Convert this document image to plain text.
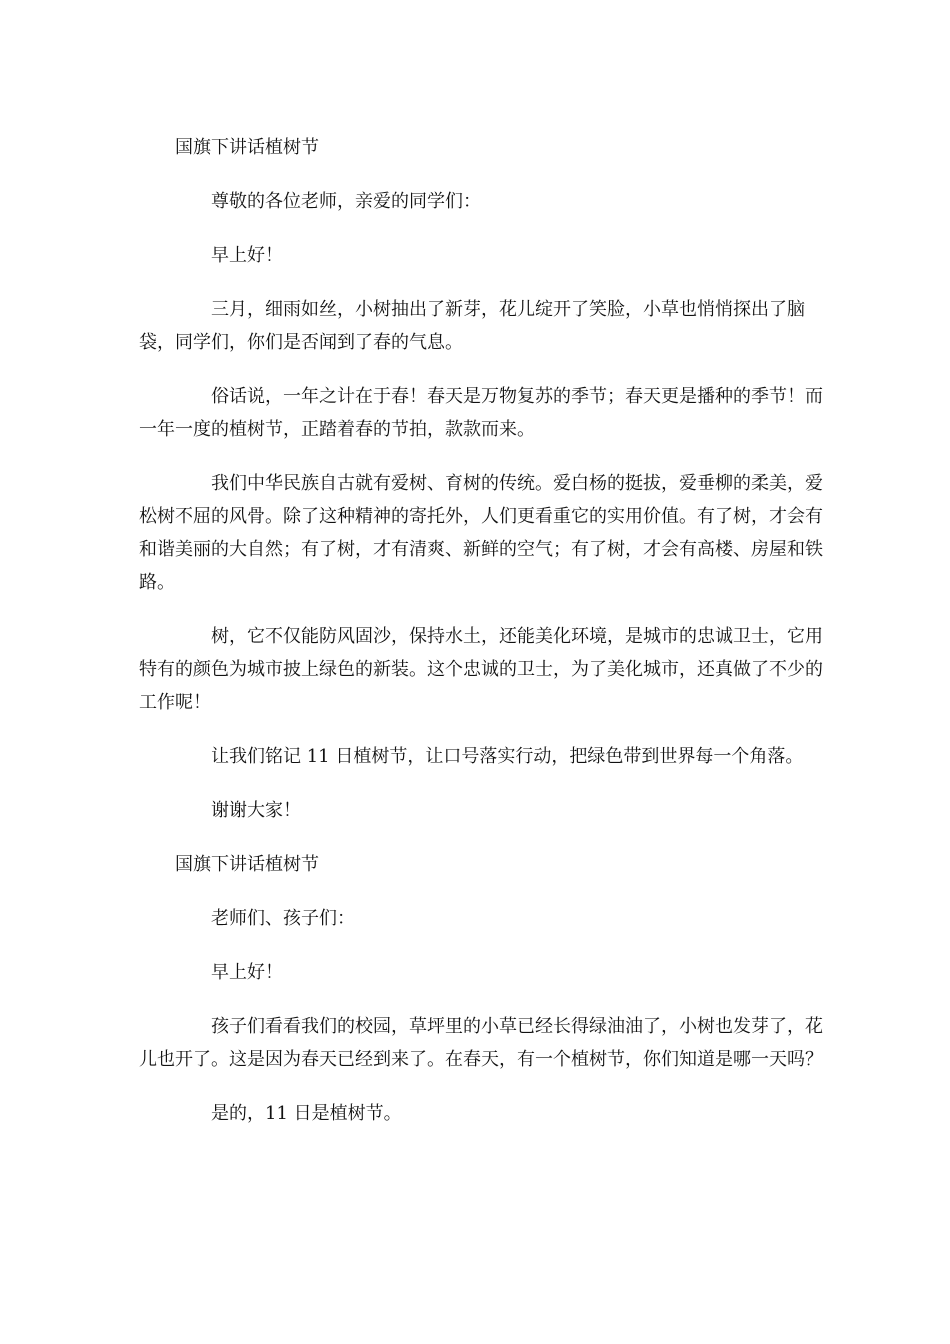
国旗下讲话植树节

尊敬的各位老师，亲爱的同学们：

早上好！

三月，细雨如丝，小树抽出了新芽，花儿绽开了笑脸，小草也悄悄探出了脑袋，同学们，你们是否闻到了春的气息。

俗话说，一年之计在于春！春天是万物复苏的季节；春天更是播种的季节！而一年一度的植树节，正踏着春的节拍，款款而来。

我们中华民族自古就有爱树、育树的传统。爱白杨的挺拔，爱垂柳的柔美，爱松树不屈的风骨。除了这种精神的寄托外，人们更看重它的实用价值。有了树，才会有和谐美丽的大自然；有了树，才有清爽、新鲜的空气；有了树，才会有高楼、房屋和铁路。

树，它不仅能防风固沙，保持水土，还能美化环境，是城市的忠诚卫士，它用特有的颜色为城市披上绿色的新装。这个忠诚的卫士，为了美化城市，还真做了不少的工作呢！

让我们铭记 11 日植树节，让口号落实行动，把绿色带到世界每一个角落。

谢谢大家！

国旗下讲话植树节

老师们、孩子们：

早上好！

孩子们看看我们的校园，草坪里的小草已经长得绿油油了，小树也发芽了，花儿也开了。这是因为春天已经到来了。在春天，有一个植树节，你们知道是哪一天吗？

是的，11 日是植树节。
